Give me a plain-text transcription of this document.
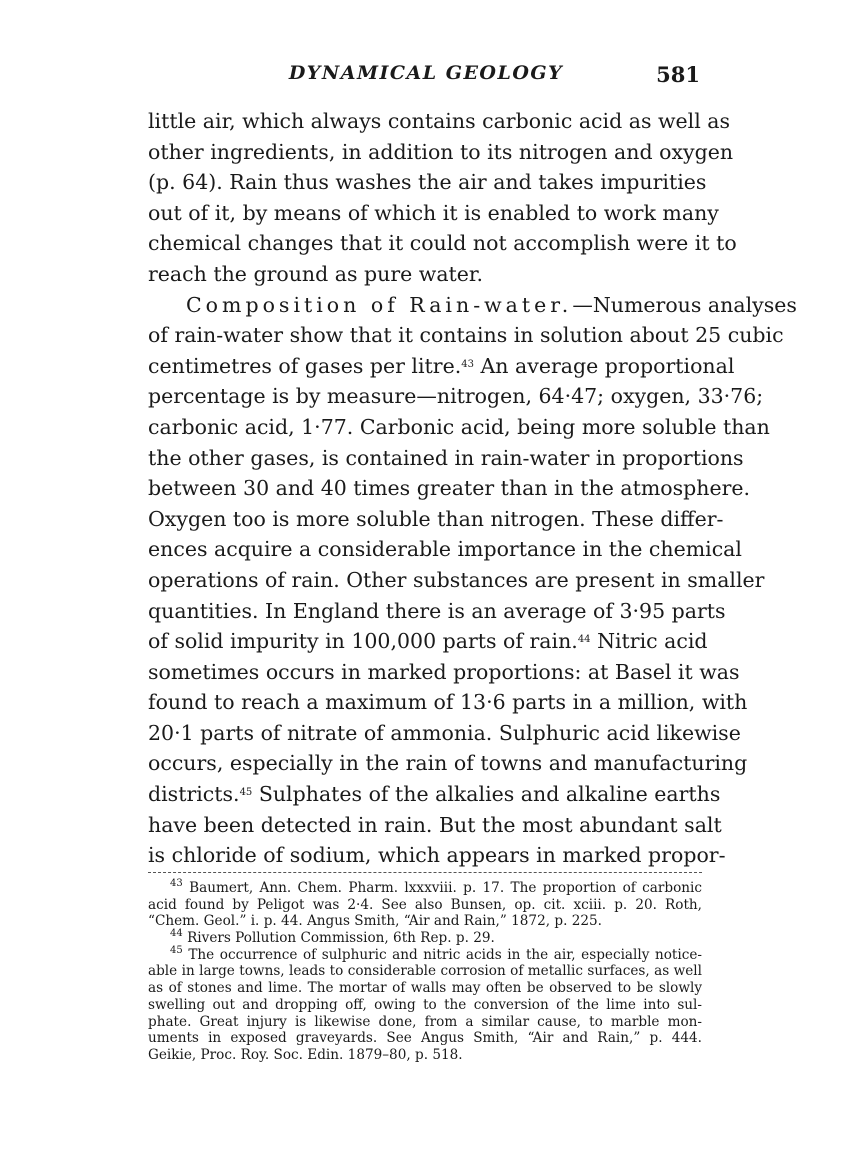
DYNAMICAL GEOLOGY	581
little air, which always contains carbonic acid as well as
other ingredients, in addition to its nitrogen and oxygen
(p. 64). Rain thus washes the air and takes impurities
out of it, by means of which it is enabled to work many
chemical changes that it could not accomplish were it to
reach the ground as pure water.
Composition of Rain-water.—Numerous analyses
of rain-water show that it contains in solution about 25 cubic
centimetres of gases per litre.$^{43}$ An average proportional
percentage is by measure—nitrogen, 64·47; oxygen, 33·76;
carbonic acid, 1·77. Carbonic acid, being more soluble than
the other gases, is contained in rain-water in proportions
between 30 and 40 times greater than in the atmosphere.
Oxygen too is more soluble than nitrogen. These differ-
ences acquire a considerable importance in the chemical
operations of rain. Other substances are present in smaller
quantities. In England there is an average of 3·95 parts
of solid impurity in 100,000 parts of rain.$^{44}$ Nitric acid
sometimes occurs in marked proportions: at Basel it was
found to reach a maximum of 13·6 parts in a million, with
20·1 parts of nitrate of ammonia. Sulphuric acid likewise
occurs, especially in the rain of towns and manufacturing
districts.$^{45}$ Sulphates of the alkalies and alkaline earths
have been detected in rain. But the most abundant salt
is chloride of sodium, which appears in marked propor-
$^{43}$ Baumert, Ann. Chem. Pharm. lxxxviii. p. 17. The proportion of carbonic
acid found by Peligot was 2·4. See also Bunsen, op. cit. xciii. p. 20. Roth,
“Chem. Geol.” i. p. 44. Angus Smith, “Air and Rain,” 1872, p. 225.
$^{44}$ Rivers Pollution Commission, 6th Rep. p. 29.
$^{45}$ The occurrence of sulphuric and nitric acids in the air, especially notice-
able in large towns, leads to considerable corrosion of metallic surfaces, as well
as of stones and lime. The mortar of walls may often be observed to be slowly
swelling out and dropping off, owing to the conversion of the lime into sul-
phate. Great injury is likewise done, from a similar cause, to marble mon-
uments in exposed graveyards. See Angus Smith, “Air and Rain,” p. 444.
Geikie, Proc. Roy. Soc. Edin. 1879–80, p. 518.
